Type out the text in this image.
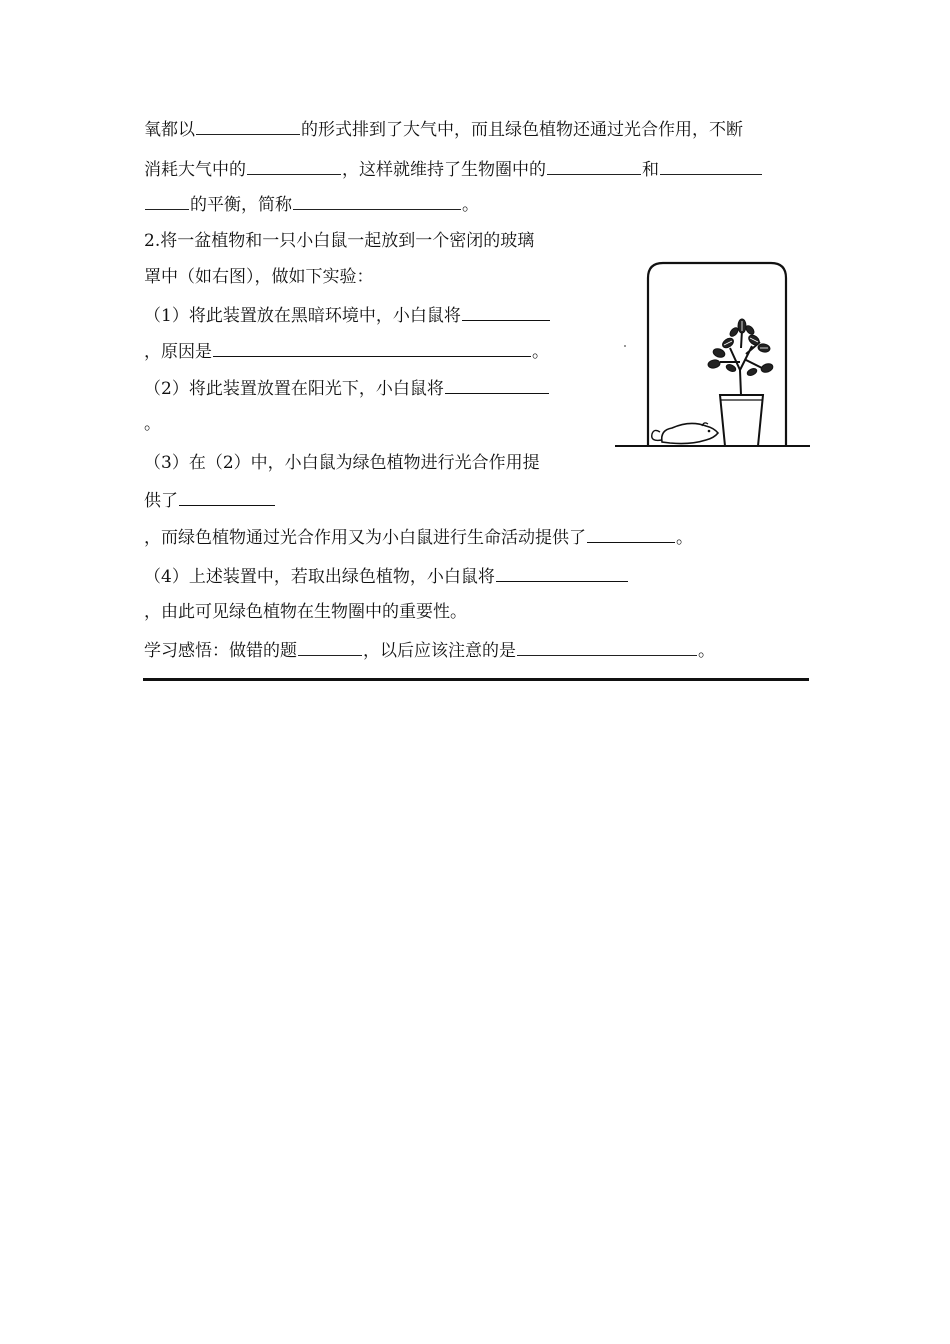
氧都以	的形式排到了大气中，而且绿色植物还通过光合作用，不断
消耗大气中的	，这样就维持了生物圈中的	和
的平衡，简称	。
2.将一盆植物和一只小白鼠一起放到一个密闭的玻璃
罩中（如右图），做如下实验：
（1）将此装置放在黑暗环境中，小白鼠将
，原因是	。
（2）将此装置放置在阳光下，小白鼠将
。
（3）在（2）中，小白鼠为绿色植物进行光合作用提
供了
，而绿色植物通过光合作用又为小白鼠进行生命活动提供了	。
（4）上述装置中，若取出绿色植物，小白鼠将
，由此可见绿色植物在生物圈中的重要性。
学习感悟：做错的题	，以后应该注意的是	。
